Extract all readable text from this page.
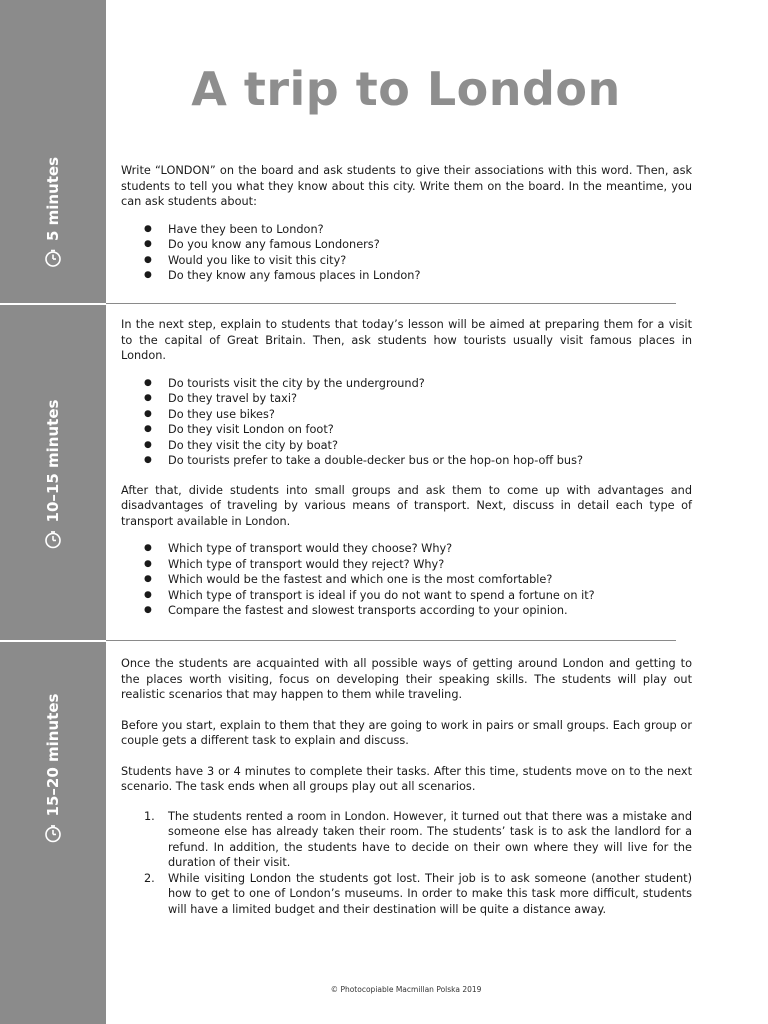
5 minutes
10–15 minutes
15–20 minutes
A trip to London

Write “LONDON” on the board and ask students to give their associations with this word. Then, ask students to tell you what they know about this city. Write them on the board. In the meantime, you can ask students about:

● Have they been to London?
● Do you know any famous Londoners?
● Would you like to visit this city?
● Do they know any famous places in London?

In the next step, explain to students that today’s lesson will be aimed at preparing them for a visit to the capital of Great Britain. Then, ask students how tourists usually visit famous places in London.

● Do tourists visit the city by the underground?
● Do they travel by taxi?
● Do they use bikes?
● Do they visit London on foot?
● Do they visit the city by boat?
● Do tourists prefer to take a double-decker bus or the hop-on hop-off bus?

After that, divide students into small groups and ask them to come up with advantages and disadvantages of traveling by various means of transport. Next, discuss in detail each type of transport available in London.

● Which type of transport would they choose? Why?
● Which type of transport would they reject? Why?
● Which would be the fastest and which one is the most comfortable?
● Which type of transport is ideal if you do not want to spend a fortune on it?
● Compare the fastest and slowest transports according to your opinion.

Once the students are acquainted with all possible ways of getting around London and getting to the places worth visiting, focus on developing their speaking skills. The students will play out realistic scenarios that may happen to them while traveling.

Before you start, explain to them that they are going to work in pairs or small groups. Each group or couple gets a different task to explain and discuss.

Students have 3 or 4 minutes to complete their tasks. After this time, students move on to the next scenario. The task ends when all groups play out all scenarios.

1. The students rented a room in London. However, it turned out that there was a mistake and someone else has already taken their room. The students’ task is to ask the landlord for a refund. In addition, the students have to decide on their own where they will live for the duration of their visit.
2. While visiting London the students got lost. Their job is to ask someone (another student) how to get to one of London’s museums. In order to make this task more difficult, students will have a limited budget and their destination will be quite a distance away.
© Photocopiable Macmillan Polska 2019
